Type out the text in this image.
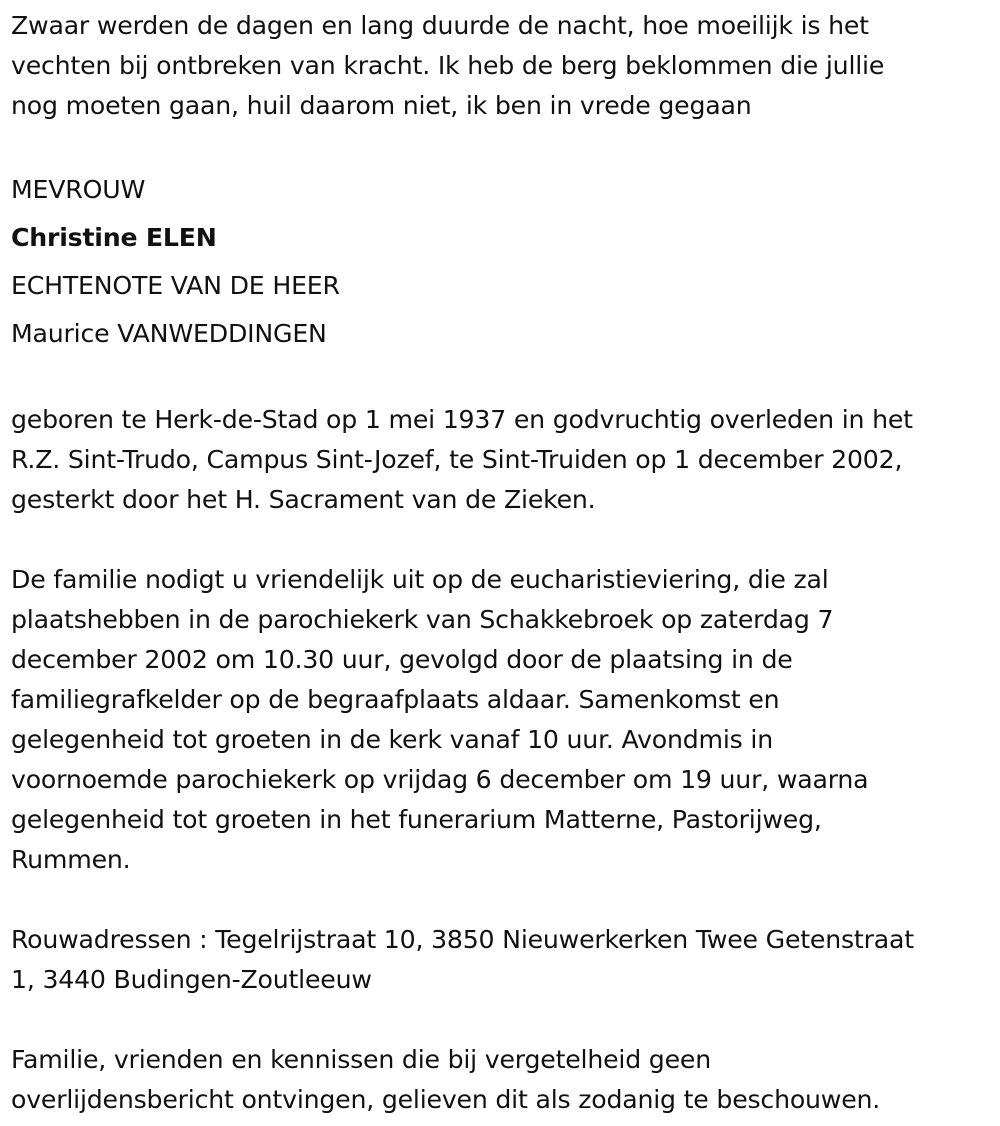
Zwaar werden de dagen en lang duurde de nacht, hoe moeilijk is het
vechten bij ontbreken van kracht. Ik heb de berg beklommen die jullie
nog moeten gaan, huil daarom niet, ik ben in vrede gegaan

MEVROUW
Christine ELEN
ECHTENOTE VAN DE HEER
Maurice VANWEDDINGEN

geboren te Herk-de-Stad op 1 mei 1937 en godvruchtig overleden in het
R.Z. Sint-Trudo, Campus Sint-Jozef, te Sint-Truiden op 1 december 2002,
gesterkt door het H. Sacrament van de Zieken.

De familie nodigt u vriendelijk uit op de eucharistieviering, die zal
plaatshebben in de parochiekerk van Schakkebroek op zaterdag 7
december 2002 om 10.30 uur, gevolgd door de plaatsing in de
familiegrafkelder op de begraafplaats aldaar. Samenkomst en
gelegenheid tot groeten in de kerk vanaf 10 uur. Avondmis in
voornoemde parochiekerk op vrijdag 6 december om 19 uur, waarna
gelegenheid tot groeten in het funerarium Matterne, Pastorijweg,
Rummen.

Rouwadressen : Tegelrijstraat 10, 3850 Nieuwerkerken Twee Getenstraat
1, 3440 Budingen-Zoutleeuw

Familie, vrienden en kennissen die bij vergetelheid geen
overlijdensbericht ontvingen, gelieven dit als zodanig te beschouwen.
